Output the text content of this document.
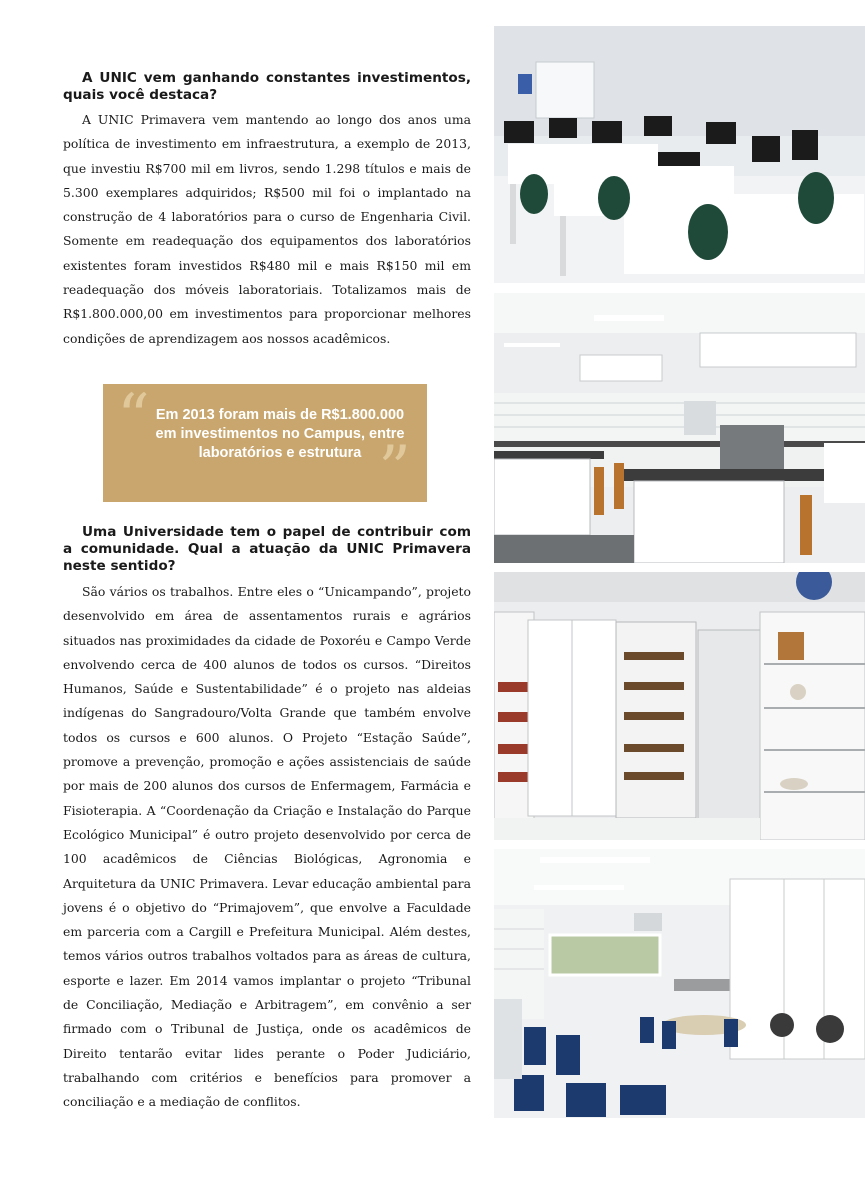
A UNIC vem ganhando constantes investimentos, quais você destaca?

A UNIC Primavera vem mantendo ao longo dos anos uma política de investimento em infraestrutura, a exemplo de 2013, que investiu R$700 mil em livros, sendo 1.298 títulos e mais de 5.300 exemplares adquiridos; R$500 mil foi o implantado na construção de 4 laboratórios para o curso de Engenharia Civil. Somente em readequação dos equipamentos dos laboratórios existentes foram investidos R$480 mil e mais R$150 mil em readequação dos móveis laboratoriais. Totalizamos mais de R$1.800.000,00 em investimentos para proporcionar melhores condições de aprendizagem aos nossos acadêmicos.

“ Em 2013 foram mais de R$1.800.000 em investimentos no Campus, entre laboratórios e estrutura ”

Uma Universidade tem o papel de contribuir com a comunidade. Qual a atuação da UNIC Primavera neste sentido?

São vários os trabalhos. Entre eles o “Unicampando”, projeto desenvolvido em área de assentamentos rurais e agrários situados nas proximidades da cidade de Poxoréu e Campo Verde envolvendo cerca de 400 alunos de todos os cursos. “Direitos Humanos, Saúde e Sustentabilidade” é o projeto nas aldeias indígenas do Sangradouro/Volta Grande que também envolve todos os cursos e 600 alunos. O Projeto “Estação Saúde”, promove a prevenção, promoção e ações assistenciais de saúde por mais de 200 alunos dos cursos de Enfermagem, Farmácia e Fisioterapia. A “Coordenação da Criação e Instalação do Parque Ecológico Municipal” é outro projeto desenvolvido por cerca de 100 acadêmicos de Ciências Biológicas, Agronomia e Arquitetura da UNIC Primavera. Levar educação ambiental para jovens é o objetivo do “Primajovem”, que envolve a Faculdade em parceria com a Cargill e Prefeitura Municipal. Além destes, temos vários outros trabalhos voltados para as áreas de cultura, esporte e lazer. Em 2014 vamos implantar o projeto “Tribunal de Conciliação, Mediação e Arbitragem”, em convênio a ser firmado com o Tribunal de Justiça, onde os acadêmicos de Direito tentarão evitar lides perante o Poder Judiciário, trabalhando com critérios e benefícios para promover a conciliação e a mediação de conflitos.
